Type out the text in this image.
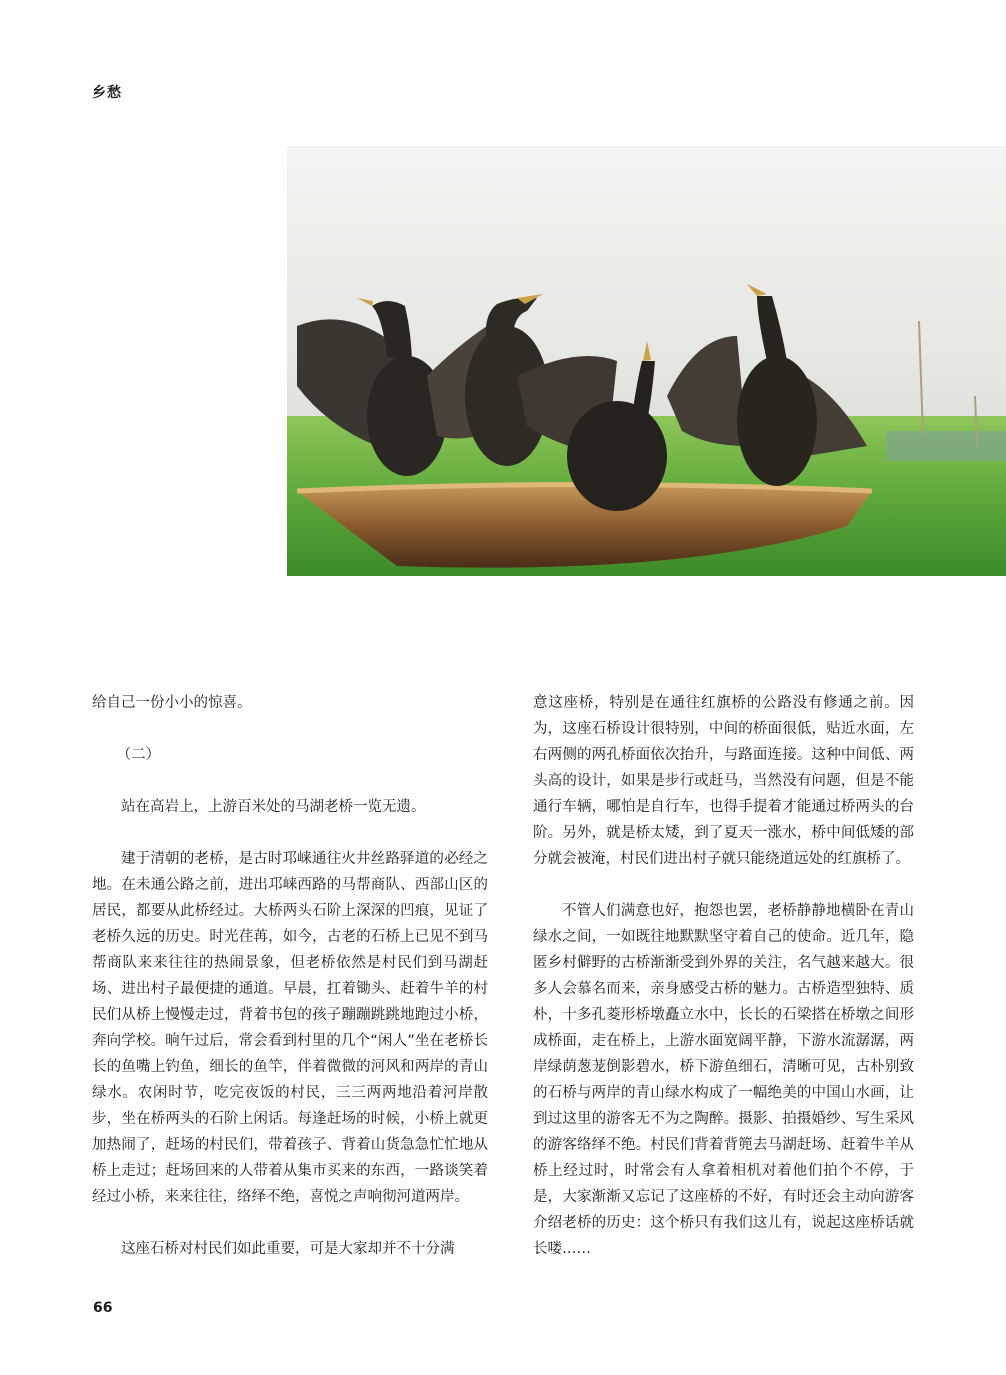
乡愁

给自己一份小小的惊喜。

（二）

站在高岩上，上游百米处的马湖老桥一览无遗。

建于清朝的老桥，是古时邛崃通往火井丝路驿道的必经之地。在未通公路之前，进出邛崃西路的马帮商队、西部山区的居民，都要从此桥经过。大桥两头石阶上深深的凹痕，见证了老桥久远的历史。时光荏苒，如今，古老的石桥上已见不到马帮商队来来往往的热闹景象，但老桥依然是村民们到马湖赶场、进出村子最便捷的通道。早晨，扛着锄头、赶着牛羊的村民们从桥上慢慢走过，背着书包的孩子蹦蹦跳跳地跑过小桥，奔向学校。晌午过后，常会看到村里的几个“闲人”坐在老桥长长的鱼嘴上钓鱼，细长的鱼竿，伴着微微的河风和两岸的青山绿水。农闲时节，吃完夜饭的村民，三三两两地沿着河岸散步，坐在桥两头的石阶上闲话。每逢赶场的时候，小桥上就更加热闹了，赶场的村民们，带着孩子、背着山货急急忙忙地从桥上走过；赶场回来的人带着从集市买来的东西，一路谈笑着经过小桥，来来往往，络绎不绝，喜悦之声响彻河道两岸。

这座石桥对村民们如此重要，可是大家却并不十分满

意这座桥，特别是在通往红旗桥的公路没有修通之前。因为，这座石桥设计很特别，中间的桥面很低，贴近水面，左右两侧的两孔桥面依次抬升，与路面连接。这种中间低、两头高的设计，如果是步行或赶马，当然没有问题，但是不能通行车辆，哪怕是自行车，也得手提着才能通过桥两头的台阶。另外，就是桥太矮，到了夏天一涨水，桥中间低矮的部分就会被淹，村民们进出村子就只能绕道远处的红旗桥了。

不管人们满意也好，抱怨也罢，老桥静静地横卧在青山绿水之间，一如既往地默默坚守着自己的使命。近几年，隐匿乡村僻野的古桥渐渐受到外界的关注，名气越来越大。很多人会慕名而来，亲身感受古桥的魅力。古桥造型独特、质朴，十多孔菱形桥墩矗立水中，长长的石梁搭在桥墩之间形成桥面，走在桥上，上游水面宽阔平静，下游水流潺潺，两岸绿荫葱茏倒影碧水，桥下游鱼细石，清晰可见，古朴别致的石桥与两岸的青山绿水构成了一幅绝美的中国山水画，让到过这里的游客无不为之陶醉。摄影、拍摄婚纱、写生采风的游客络绎不绝。村民们背着背篼去马湖赶场、赶着牛羊从桥上经过时，时常会有人拿着相机对着他们拍个不停，于是，大家渐渐又忘记了这座桥的不好，有时还会主动向游客介绍老桥的历史：这个桥只有我们这儿有，说起这座桥话就长喽……

66
